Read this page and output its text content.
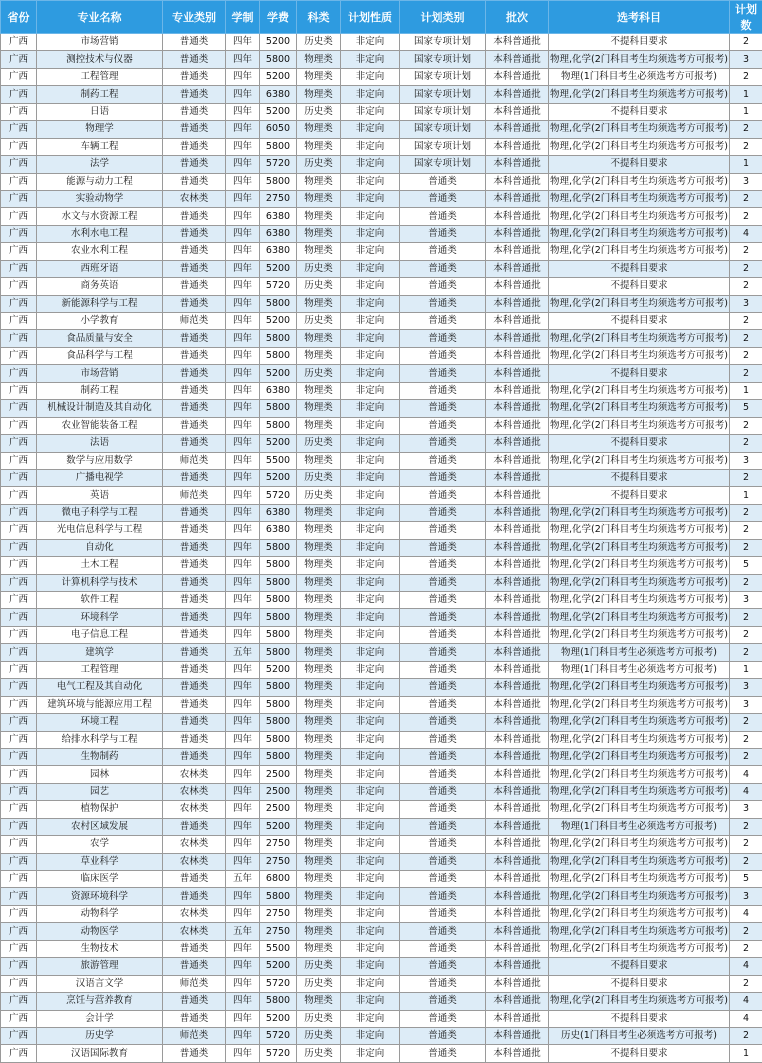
省份	专业名称	专业类别	学制	学费	科类	计划性质	计划类别	批次	选考科目	计划数
广西	市场营销	普通类	四年	5200	历史类	非定向	国家专项计划	本科普通批	不提科目要求	2
广西	测控技术与仪器	普通类	四年	5800	物理类	非定向	国家专项计划	本科普通批	物理,化学(2门科目考生均须选考方可报考)	3
广西	工程管理	普通类	四年	5200	物理类	非定向	国家专项计划	本科普通批	物理(1门科目考生必须选考方可报考)	2
广西	制药工程	普通类	四年	6380	物理类	非定向	国家专项计划	本科普通批	物理,化学(2门科目考生均须选考方可报考)	1
广西	日语	普通类	四年	5200	历史类	非定向	国家专项计划	本科普通批	不提科目要求	1
广西	物理学	普通类	四年	6050	物理类	非定向	国家专项计划	本科普通批	物理,化学(2门科目考生均须选考方可报考)	2
广西	车辆工程	普通类	四年	5800	物理类	非定向	国家专项计划	本科普通批	物理,化学(2门科目考生均须选考方可报考)	2
广西	法学	普通类	四年	5720	历史类	非定向	国家专项计划	本科普通批	不提科目要求	1
广西	能源与动力工程	普通类	四年	5800	物理类	非定向	普通类	本科普通批	物理,化学(2门科目考生均须选考方可报考)	3
广西	实验动物学	农林类	四年	2750	物理类	非定向	普通类	本科普通批	物理,化学(2门科目考生均须选考方可报考)	2
广西	水文与水资源工程	普通类	四年	6380	物理类	非定向	普通类	本科普通批	物理,化学(2门科目考生均须选考方可报考)	2
广西	水利水电工程	普通类	四年	6380	物理类	非定向	普通类	本科普通批	物理,化学(2门科目考生均须选考方可报考)	4
广西	农业水利工程	普通类	四年	6380	物理类	非定向	普通类	本科普通批	物理,化学(2门科目考生均须选考方可报考)	2
广西	西班牙语	普通类	四年	5200	历史类	非定向	普通类	本科普通批	不提科目要求	2
广西	商务英语	普通类	四年	5720	历史类	非定向	普通类	本科普通批	不提科目要求	2
广西	新能源科学与工程	普通类	四年	5800	物理类	非定向	普通类	本科普通批	物理,化学(2门科目考生均须选考方可报考)	3
广西	小学教育	师范类	四年	5200	历史类	非定向	普通类	本科普通批	不提科目要求	2
广西	食品质量与安全	普通类	四年	5800	物理类	非定向	普通类	本科普通批	物理,化学(2门科目考生均须选考方可报考)	2
广西	食品科学与工程	普通类	四年	5800	物理类	非定向	普通类	本科普通批	物理,化学(2门科目考生均须选考方可报考)	2
广西	市场营销	普通类	四年	5200	历史类	非定向	普通类	本科普通批	不提科目要求	2
广西	制药工程	普通类	四年	6380	物理类	非定向	普通类	本科普通批	物理,化学(2门科目考生均须选考方可报考)	1
广西	机械设计制造及其自动化	普通类	四年	5800	物理类	非定向	普通类	本科普通批	物理,化学(2门科目考生均须选考方可报考)	5
广西	农业智能装备工程	普通类	四年	5800	物理类	非定向	普通类	本科普通批	物理,化学(2门科目考生均须选考方可报考)	2
广西	法语	普通类	四年	5200	历史类	非定向	普通类	本科普通批	不提科目要求	2
广西	数学与应用数学	师范类	四年	5500	物理类	非定向	普通类	本科普通批	物理,化学(2门科目考生均须选考方可报考)	3
广西	广播电视学	普通类	四年	5200	历史类	非定向	普通类	本科普通批	不提科目要求	2
广西	英语	师范类	四年	5720	历史类	非定向	普通类	本科普通批	不提科目要求	1
广西	微电子科学与工程	普通类	四年	6380	物理类	非定向	普通类	本科普通批	物理,化学(2门科目考生均须选考方可报考)	2
广西	光电信息科学与工程	普通类	四年	6380	物理类	非定向	普通类	本科普通批	物理,化学(2门科目考生均须选考方可报考)	2
广西	自动化	普通类	四年	5800	物理类	非定向	普通类	本科普通批	物理,化学(2门科目考生均须选考方可报考)	2
广西	土木工程	普通类	四年	5800	物理类	非定向	普通类	本科普通批	物理,化学(2门科目考生均须选考方可报考)	5
广西	计算机科学与技术	普通类	四年	5800	物理类	非定向	普通类	本科普通批	物理,化学(2门科目考生均须选考方可报考)	2
广西	软件工程	普通类	四年	5800	物理类	非定向	普通类	本科普通批	物理,化学(2门科目考生均须选考方可报考)	3
广西	环境科学	普通类	四年	5800	物理类	非定向	普通类	本科普通批	物理,化学(2门科目考生均须选考方可报考)	2
广西	电子信息工程	普通类	四年	5800	物理类	非定向	普通类	本科普通批	物理,化学(2门科目考生均须选考方可报考)	2
广西	建筑学	普通类	五年	5800	物理类	非定向	普通类	本科普通批	物理(1门科目考生必须选考方可报考)	2
广西	工程管理	普通类	四年	5200	物理类	非定向	普通类	本科普通批	物理(1门科目考生必须选考方可报考)	1
广西	电气工程及其自动化	普通类	四年	5800	物理类	非定向	普通类	本科普通批	物理,化学(2门科目考生均须选考方可报考)	3
广西	建筑环境与能源应用工程	普通类	四年	5800	物理类	非定向	普通类	本科普通批	物理,化学(2门科目考生均须选考方可报考)	3
广西	环境工程	普通类	四年	5800	物理类	非定向	普通类	本科普通批	物理,化学(2门科目考生均须选考方可报考)	2
广西	给排水科学与工程	普通类	四年	5800	物理类	非定向	普通类	本科普通批	物理,化学(2门科目考生均须选考方可报考)	2
广西	生物制药	普通类	四年	5800	物理类	非定向	普通类	本科普通批	物理,化学(2门科目考生均须选考方可报考)	2
广西	园林	农林类	四年	2500	物理类	非定向	普通类	本科普通批	物理,化学(2门科目考生均须选考方可报考)	4
广西	园艺	农林类	四年	2500	物理类	非定向	普通类	本科普通批	物理,化学(2门科目考生均须选考方可报考)	4
广西	植物保护	农林类	四年	2500	物理类	非定向	普通类	本科普通批	物理,化学(2门科目考生均须选考方可报考)	3
广西	农村区域发展	普通类	四年	5200	物理类	非定向	普通类	本科普通批	物理(1门科目考生必须选考方可报考)	2
广西	农学	农林类	四年	2750	物理类	非定向	普通类	本科普通批	物理,化学(2门科目考生均须选考方可报考)	2
广西	草业科学	农林类	四年	2750	物理类	非定向	普通类	本科普通批	物理,化学(2门科目考生均须选考方可报考)	2
广西	临床医学	普通类	五年	6800	物理类	非定向	普通类	本科普通批	物理,化学(2门科目考生均须选考方可报考)	5
广西	资源环境科学	普通类	四年	5800	物理类	非定向	普通类	本科普通批	物理,化学(2门科目考生均须选考方可报考)	3
广西	动物科学	农林类	四年	2750	物理类	非定向	普通类	本科普通批	物理,化学(2门科目考生均须选考方可报考)	4
广西	动物医学	农林类	五年	2750	物理类	非定向	普通类	本科普通批	物理,化学(2门科目考生均须选考方可报考)	2
广西	生物技术	普通类	四年	5500	物理类	非定向	普通类	本科普通批	物理,化学(2门科目考生均须选考方可报考)	2
广西	旅游管理	普通类	四年	5200	历史类	非定向	普通类	本科普通批	不提科目要求	4
广西	汉语言文学	师范类	四年	5720	历史类	非定向	普通类	本科普通批	不提科目要求	2
广西	烹饪与营养教育	普通类	四年	5800	物理类	非定向	普通类	本科普通批	物理,化学(2门科目考生均须选考方可报考)	4
广西	会计学	普通类	四年	5200	历史类	非定向	普通类	本科普通批	不提科目要求	4
广西	历史学	师范类	四年	5720	历史类	非定向	普通类	本科普通批	历史(1门科目考生必须选考方可报考)	2
广西	汉语国际教育	普通类	四年	5720	历史类	非定向	普通类	本科普通批	不提科目要求	1
